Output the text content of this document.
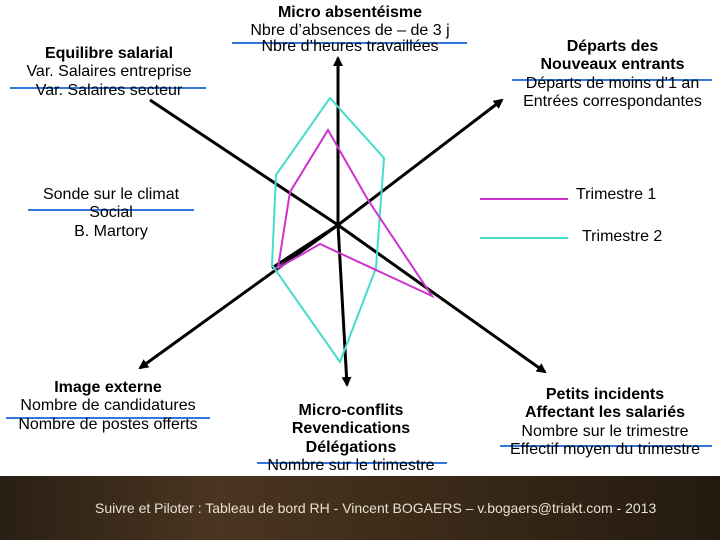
Micro absentéisme
Nbre d’absences de – de 3 j
Nbre d’heures travaillées
Equilibre salarial
Var. Salaires entreprise
Var. Salaires secteur
Départs des
Nouveaux entrants
Départs de moins d’1 an
Entrées correspondantes
Sonde sur le climat
Social
B. Martory
Trimestre 1
Trimestre 2
Image externe
Nombre de candidatures
Nombre de postes offerts
Micro-conflits
Revendications
Délégations
Nombre sur le trimestre
Petits incidents
Affectant les salariés
Nombre sur le trimestre
Effectif moyen du trimestre
Suivre et Piloter : Tableau de bord RH - Vincent BOGAERS – v.bogaers@triakt.com - 2013
